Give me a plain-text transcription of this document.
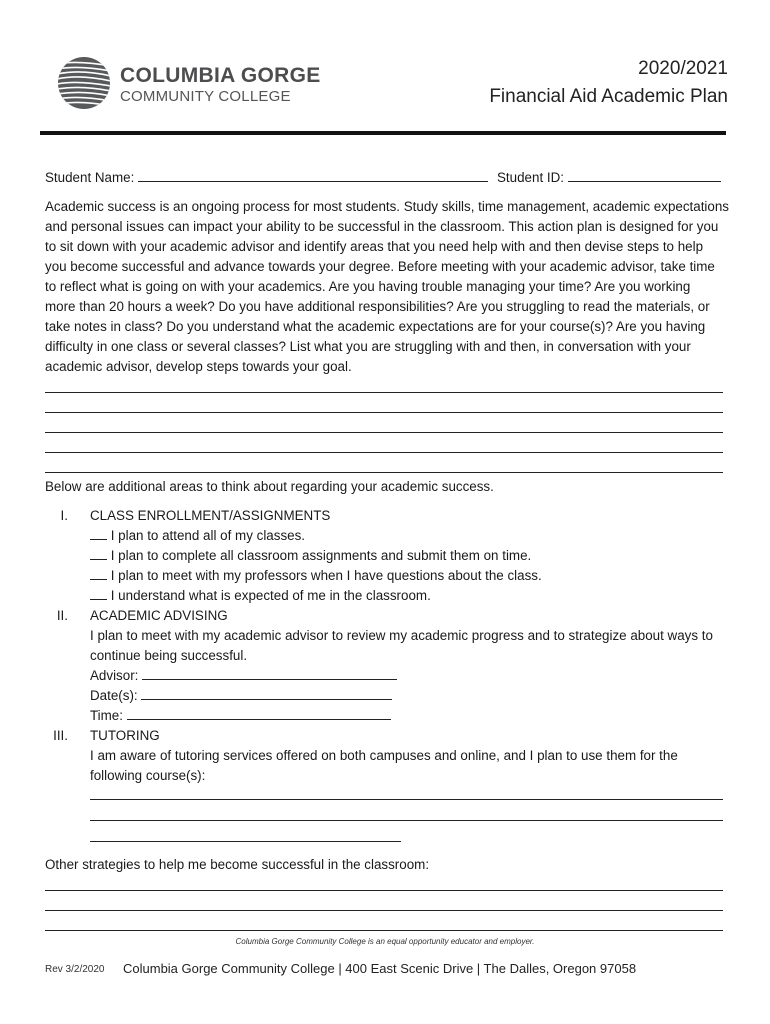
COLUMBIA GORGE
COMMUNITY COLLEGE
2020/2021
Financial Aid Academic Plan
Student Name:	Student ID:
Academic success is an ongoing process for most students. Study skills, time management, academic expectations
and personal issues can impact your ability to be successful in the classroom. This action plan is designed for you
to sit down with your academic advisor and identify areas that you need help with and then devise steps to help
you become successful and advance towards your degree. Before meeting with your academic advisor, take time
to reflect what is going on with your academics. Are you having trouble managing your time? Are you working
more than 20 hours a week? Do you have additional responsibilities? Are you struggling to read the materials, or
take notes in class? Do you understand what the academic expectations are for your course(s)? Are you having
difficulty in one class or several classes? List what you are struggling with and then, in conversation with your
academic advisor, develop steps towards your goal.
Below are additional areas to think about regarding your academic success.
I. CLASS ENROLLMENT/ASSIGNMENTS
I plan to attend all of my classes.
I plan to complete all classroom assignments and submit them on time.
I plan to meet with my professors when I have questions about the class.
I understand what is expected of me in the classroom.
II. ACADEMIC ADVISING
I plan to meet with my academic advisor to review my academic progress and to strategize about ways to
continue being successful.
Advisor:
Date(s):
Time:
III. TUTORING
I am aware of tutoring services offered on both campuses and online, and I plan to use them for the
following course(s):
Other strategies to help me become successful in the classroom:
Columbia Gorge Community College is an equal opportunity educator and employer.
Rev 3/2/2020 Columbia Gorge Community College | 400 East Scenic Drive | The Dalles, Oregon 97058
